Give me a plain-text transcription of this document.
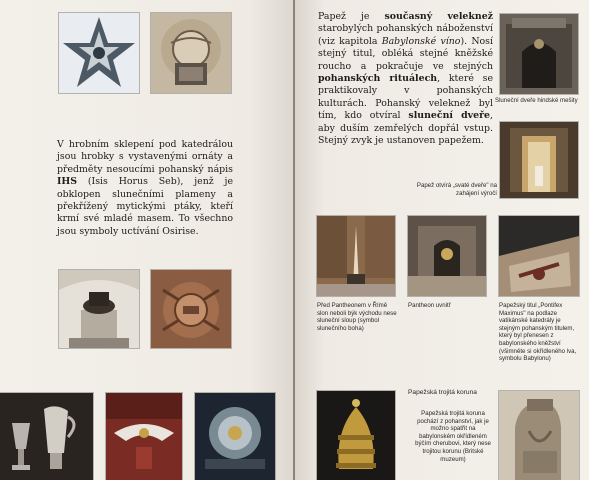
V hrobním sklepení pod katedrálou jsou hrobky s vystavenými ornáty a předměty nesoucími pohanský nápis IHS (Isis Horus Seb), jenž je obklopen slunečními plameny a překřížený mytickými ptáky, kteří krmí své mladé masem. To všechno jsou symboly uctívání Osirise.
Papež je současný veleknež starobylých pohanských náboženství (viz kapitola Babylonské víno). Nosí stejný titul, obléká stejné kněžské roucho a pokračuje ve stejných pohanských rituálech, které se praktikovaly v pohanských kulturách. Pohanský veleknež byl tím, kdo otvíral sluneční dveře, aby duším zemřelých dopřál vstup. Stejný zvyk je ustanoven papežem.
Sluneční dveře hindské mešity
Papež otvírá „svaté dveře" na zahájení výročí
Před Pantheonem v Římě slon neboli býk východu nese sluneční sloup (symbol slunečního boha)
Pantheon uvnitř	Papežský titul „Pontifex Maximus" na podlaze vatikánské katedrály je stejným pohanským titulem, který byl přenesen z babylonského kněžství (všimněte si okřídleného lva, symbolu Babylonu)
Papežská trojitá koruna
Papežská trojitá koruna pochází z pohanství, jak je možno spatřit na babylonském okřídleném býčím cherubovi, který nese trojitou korunu (Britské muzeum)
